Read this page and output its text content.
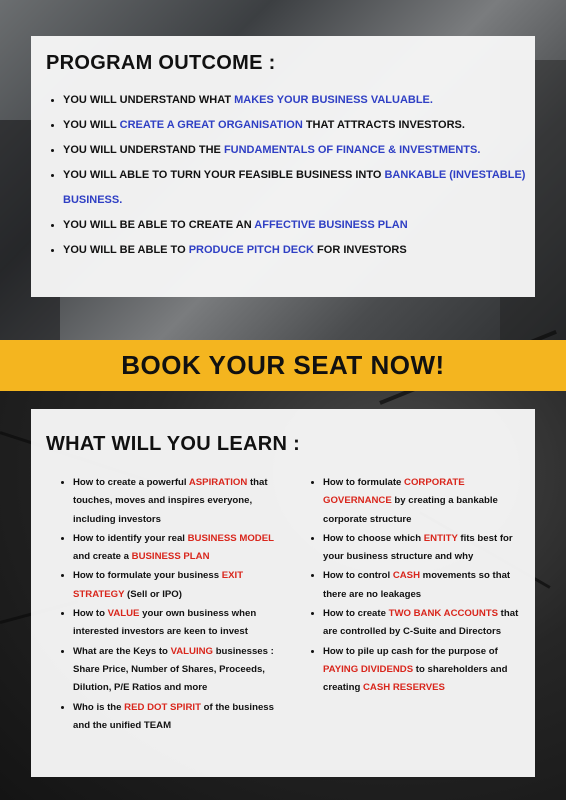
PROGRAM OUTCOME :
• YOU WILL UNDERSTAND WHAT MAKES YOUR BUSINESS VALUABLE.
• YOU WILL CREATE A GREAT ORGANISATION THAT ATTRACTS INVESTORS.
• YOU WILL UNDERSTAND THE FUNDAMENTALS OF FINANCE & INVESTMENTS.
• YOU WILL ABLE TO TURN YOUR FEASIBLE BUSINESS INTO BANKABLE (INVESTABLE) BUSINESS.
• YOU WILL BE ABLE TO CREATE AN AFFECTIVE BUSINESS PLAN
• YOU WILL BE ABLE TO PRODUCE PITCH DECK FOR INVESTORS
BOOK YOUR SEAT NOW!
WHAT WILL YOU LEARN :
• How to create a powerful ASPIRATION that touches, moves and inspires everyone, including investors
• How to identify your real BUSINESS MODEL and create a BUSINESS PLAN
• How to formulate your business EXIT STRATEGY (Sell or IPO)
• How to VALUE your own business when interested investors are keen to invest
• What are the Keys to VALUING businesses : Share Price, Number of Shares, Proceeds, Dilution, P/E Ratios and more
• Who is the RED DOT SPIRIT of the business and the unified TEAM
• How to formulate CORPORATE GOVERNANCE by creating a bankable corporate structure
• How to choose which ENTITY fits best for your business structure and why
• How to control CASH movements so that there are no leakages
• How to create TWO BANK ACCOUNTS that are controlled by C-Suite and Directors
• How to pile up cash for the purpose of PAYING DIVIDENDS to shareholders and creating CASH RESERVES
